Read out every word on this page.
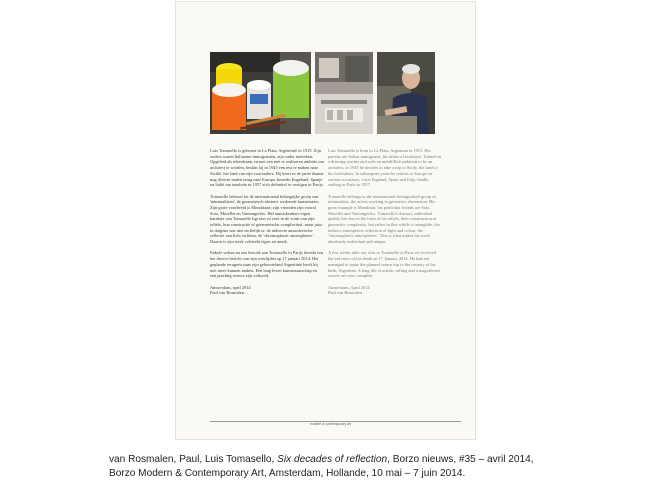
Luis Tomasello is geboren in La Plata, Argentinië in 1915. Zijn ouders waren Italiaanse immigranten, zijn vader metselaar. Opgeleid als tekenleraar en met een niet te realiseren ambitie om architect te worden, besluit hij in 1945 een reis te maken naar Sicilië, het land van zijn voorouders. Hij keert in de jaren daarna nog diverse malen terug naar Europa, bezoekt Engeland, Spanje en Italië om tenslotte in 1957 zich definitief te vestigen in Parijs.

Tomasello behoort tot de internationaal belangrijke groep van 'minimalisten', de geometrisch-abstract werkende kunstenaars. Zijn grote voorbeeld is Mondriaan; zijn vrienden zijn vooral Soto, Morellet en Vantongerloo. Het onmiskenbare eigen karakter van Tomasello ligt niet zo zeer in de vorm van zijn reliëfs, hun constructie of geometrische complexiteit, maar juist in datgene wat niet stoffelijk is: de indirecte atmosferische reflectie van licht en kleur, de 'chromoplastic atmospheres'. Daarin is zijn werk volstrekt eigen en uniek.

Enkele weken na ons bezoek aan Tomasello in Parijs bereikt ons het droeve bericht van zijn overlijden op 17 januari 2014. Het geplande terugreis naar zijn geboorteland Argentinië heeft hij niet meer kunnen maken. Een lang leven kunstenaarschap en een prachtig oeuvre zijn voltooid.

Amsterdam, april 2014
Paul van Rosmalen

Luis Tomasello is born in La Plata, Argentina in 1915. His parents are Italian immigrants, his father a bricklayer. Trained as a drawing teacher and with an unfulfilled ambition to be an architect, in 1945 he decides to take a trip to Sicily, the land of his forefathers. In subsequent years he returns to Europe on various occasions, visits England, Spain and Italy, finally settling in Paris in 1957.

Tomasello belongs to the international distinguished group of minimalists, the artists working in geometric abstraction. His great example is Mondrian; his particular friends are Soto, Morellet and Vantongerloo. Tomasello's distinct, individual quality lies less in the form of his reliefs, their construction or geometric complexity, but rather in that which is intangible: the indirect atmospheric reflection of light and colour, the 'chromoplastic atmospheres'. This is what makes his work absolutely individual and unique.

A few weeks after our visit to Tomasello in Paris we received the sad news of his death on 17 January 2014. He had not managed to make the planned return trip to the country of his birth, Argentina. A long life of artistic calling and a magnificent oeuvre are now complete.

Amsterdam, April 2014
Paul van Rosmalen
modern & contemporary art
van Rosmalen, Paul, Luis Tomasello, Six decades of reflection, Borzo nieuws, #35 – avril 2014,
Borzo Modern & Contemporary Art, Amsterdam, Hollande, 10 mai – 7 juin 2014.
